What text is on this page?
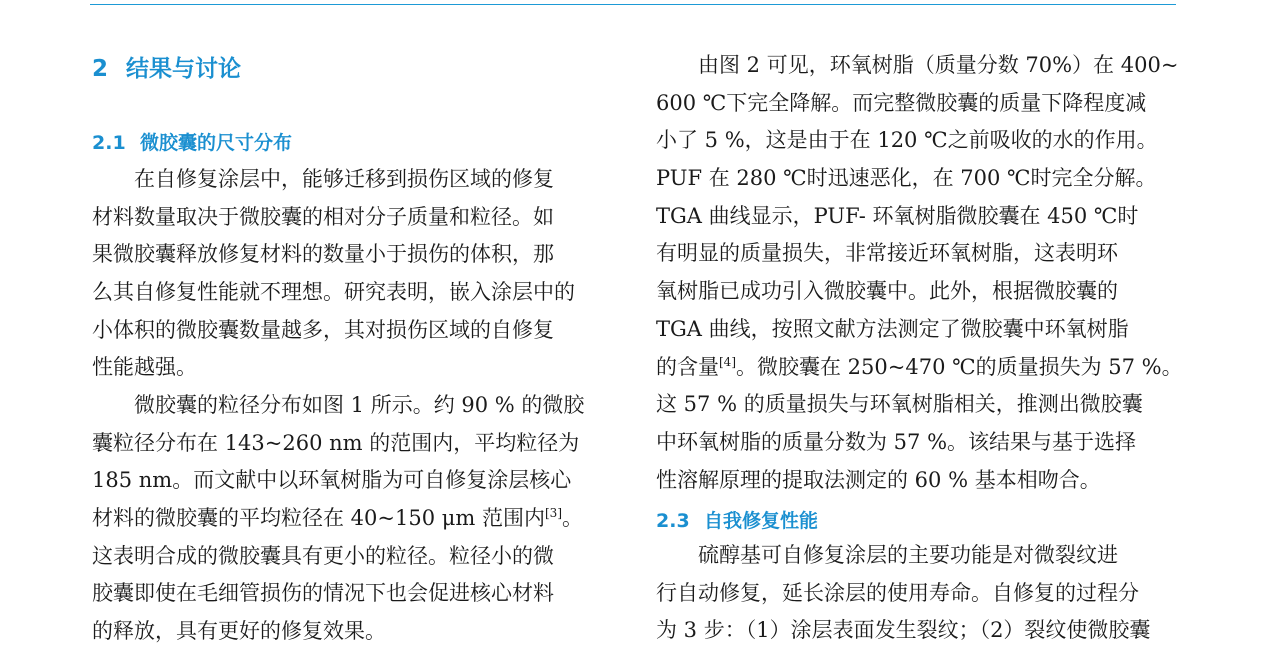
2 结果与讨论
2.1 微胶囊的尺寸分布

在自修复涂层中，能够迁移到损伤区域的修复
材料数量取决于微胶囊的相对分子质量和粒径。如
果微胶囊释放修复材料的数量小于损伤的体积，那
么其自修复性能就不理想。研究表明，嵌入涂层中的
小体积的微胶囊数量越多，其对损伤区域的自修复
性能越强。

微胶囊的粒径分布如图 1 所示。约 90 % 的微胶
囊粒径分布在 143~260 nm 的范围内，平均粒径为
185 nm。而文献中以环氧树脂为可自修复涂层核心
材料的微胶囊的平均粒径在 40~150 μm 范围内[3]。
这表明合成的微胶囊具有更小的粒径。粒径小的微
胶囊即使在毛细管损伤的情况下也会促进核心材料
的释放，具有更好的修复效果。

由图 2 可见，环氧树脂（质量分数 70%）在 400~
600 ℃下完全降解。而完整微胶囊的质量下降程度减
小了 5 %，这是由于在 120 ℃之前吸收的水的作用。
PUF 在 280 ℃时迅速恶化，在 700 ℃时完全分解。
TGA 曲线显示，PUF- 环氧树脂微胶囊在 450 ℃时
有明显的质量损失，非常接近环氧树脂，这表明环
氧树脂已成功引入微胶囊中。此外，根据微胶囊的
TGA 曲线，按照文献方法测定了微胶囊中环氧树脂
的含量[4]。微胶囊在 250~470 ℃的质量损失为 57 %。
这 57 % 的质量损失与环氧树脂相关，推测出微胶囊
中环氧树脂的质量分数为 57 %。该结果与基于选择
性溶解原理的提取法测定的 60 % 基本相吻合。

2.3 自我修复性能

硫醇基可自修复涂层的主要功能是对微裂纹进
行自动修复，延长涂层的使用寿命。自修复的过程分
为 3 步：（1）涂层表面发生裂纹；（2）裂纹使微胶囊
